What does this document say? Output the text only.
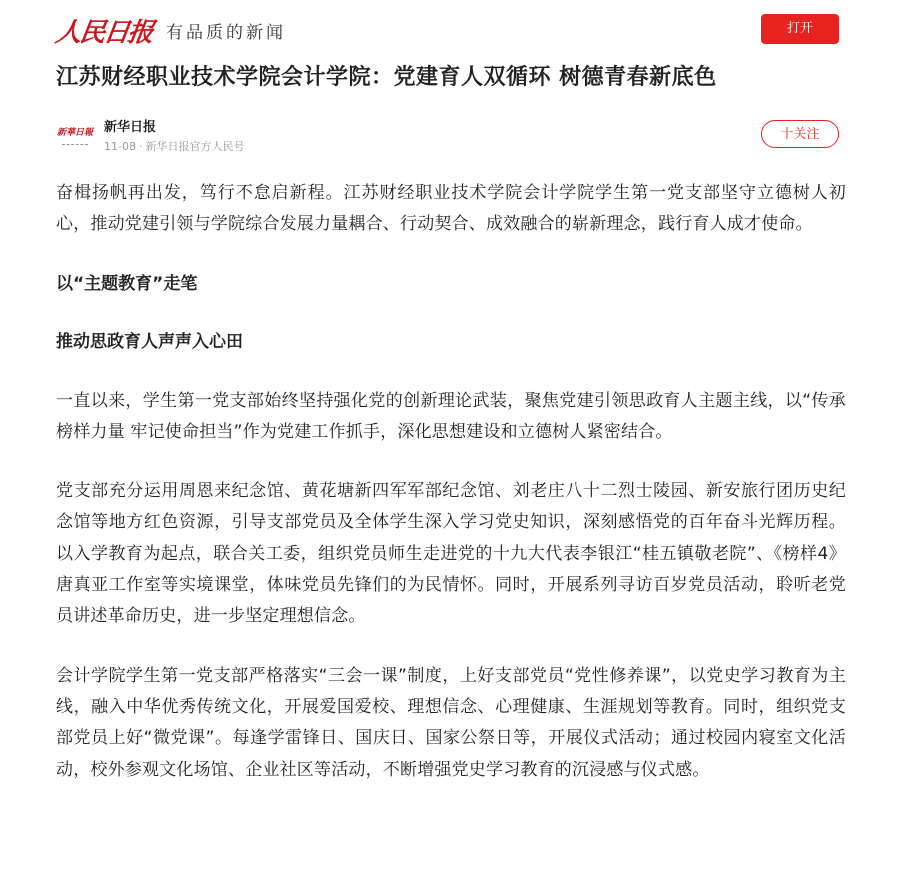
人民日报 有品质的新闻	打开
江苏财经职业技术学院会计学院：党建育人双循环 树德青春新底色
新華日報 新华日报
11-08 · 新华日报官方人民号
十关注

奋楫扬帆再出发，笃行不怠启新程。江苏财经职业技术学院会计学院学生第一党支部坚守立德树人初心，推动党建引领与学院综合发展力量耦合、行动契合、成效融合的崭新理念，践行育人成才使命。

以“主题教育”走笔

推动思政育人声声入心田

一直以来，学生第一党支部始终坚持强化党的创新理论武装，聚焦党建引领思政育人主题主线，以“传承榜样力量 牢记使命担当”作为党建工作抓手，深化思想建设和立德树人紧密结合。

党支部充分运用周恩来纪念馆、黄花塘新四军军部纪念馆、刘老庄八十二烈士陵园、新安旅行团历史纪念馆等地方红色资源，引导支部党员及全体学生深入学习党史知识，深刻感悟党的百年奋斗光辉历程。以入学教育为起点，联合关工委，组织党员师生走进党的十九大代表李银江“桂五镇敬老院”、《榜样4》唐真亚工作室等实境课堂，体味党员先锋们的为民情怀。同时，开展系列寻访百岁党员活动，聆听老党员讲述革命历史，进一步坚定理想信念。

会计学院学生第一党支部严格落实“三会一课”制度，上好支部党员“党性修养课”，以党史学习教育为主线，融入中华优秀传统文化，开展爱国爱校、理想信念、心理健康、生涯规划等教育。同时，组织党支部党员上好“微党课”。每逢学雷锋日、国庆日、国家公祭日等，开展仪式活动；通过校园内寝室文化活动，校外参观文化场馆、企业社区等活动，不断增强党史学习教育的沉浸感与仪式感。
